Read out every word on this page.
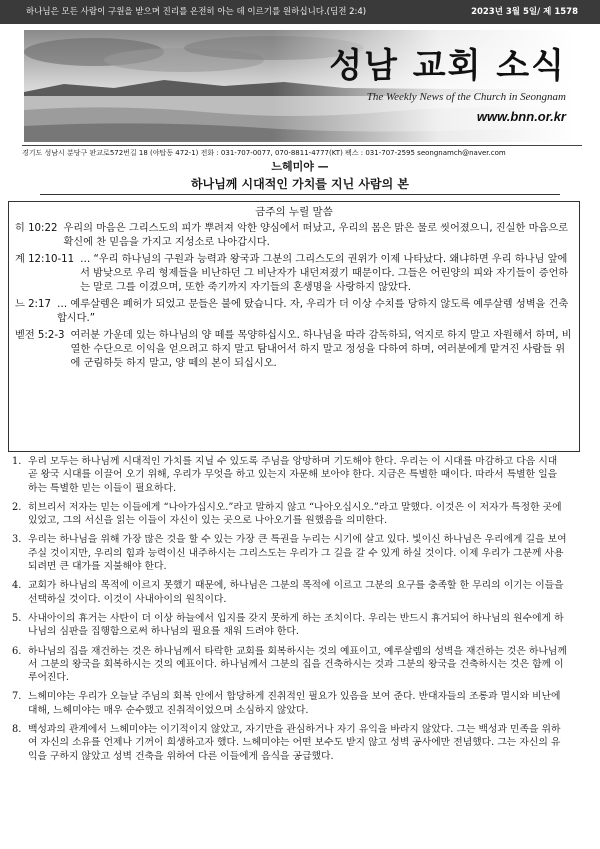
하나님은 모든 사람이 구원을 받으며 진리를 온전히 아는 데 이르기를 원하십니다.(딤전 2:4)	2023년 3월 5일/ 제 1578
성남 교회 소식
The Weekly News of the Church in Seongnam
www.bnn.or.kr
경기도 성남시 분당구 판교로572번길 18 (야탑동 472-1) 전화 : 031-707-0077, 070-8811-4777(KT) 팩스 : 031-707-2595 seongnamch@naver.com
느헤미야 —
하나님께 시대적인 가치를 지닌 사람의 본
금주의 누릴 말씀
히 10:22 우리의 마음은 그리스도의 피가 뿌려져 악한 양심에서 떠났고, 우리의 몸은 맑은 물로 씻어졌으니, 진실한 마음으로 확신에 찬 믿음을 가지고 지성소로 나아갑시다.
계 12:10-11 … “우리 하나님의 구원과 능력과 왕국과 그분의 그리스도의 권위가 이제 나타났다. 왜냐하면 우리 하나님 앞에서 밤낮으로 우리 형제들을 비난하던 그 비난자가 내던져졌기 때문이다. 그들은 어린양의 피와 자기들이 증언하는 말로 그를 이겼으며, 또한 죽기까지 자기들의 혼생명을 사랑하지 않았다.
느 2:17 … 예루살렘은 폐허가 되었고 문들은 불에 탔습니다. 자, 우리가 더 이상 수치를 당하지 않도록 예루살렘 성벽을 건축합시다.”
벧전 5:2-3 여러분 가운데 있는 하나님의 양 떼를 목양하십시오. 하나님을 따라 감독하되, 억지로 하지 말고 자원해서 하며, 비열한 수단으로 이익을 얻으려고 하지 말고 탐내어서 하지 말고 정성을 다하여 하며, 여러분에게 맡겨진 사람들 위에 군림하듯 하지 말고, 양 떼의 본이 되십시오.
1. 우리 모두는 하나님께 시대적인 가치를 지닐 수 있도록 주님을 앙망하며 기도해야 한다. 우리는 이 시대를 마감하고 다음 시대 곧 왕국 시대를 이끌어 오기 위해, 우리가 무엇을 하고 있는지 자문해 보아야 한다. 지금은 특별한 때이다. 따라서 특별한 일을 하는 특별한 믿는 이들이 필요하다.
2. 히브리서 저자는 믿는 이들에게 “나아가십시오.”라고 말하지 않고 “나아오십시오.”라고 말했다. 이것은 이 저자가 특정한 곳에 있었고, 그의 서신을 읽는 이들이 자신이 있는 곳으로 나아오기를 원했음을 의미한다.
3. 우리는 하나님을 위해 가장 많은 것을 할 수 있는 가장 큰 특권을 누리는 시기에 살고 있다. 빛이신 하나님은 우리에게 길을 보여 주실 것이지만, 우리의 힘과 능력이신 내주하시는 그리스도는 우리가 그 길을 갈 수 있게 하실 것이다. 이제 우리가 그분께 사용되려면 큰 대가를 지불해야 한다.
4. 교회가 하나님의 목적에 이르지 못했기 때문에, 하나님은 그분의 목적에 이르고 그분의 요구를 충족할 한 무리의 이기는 이들을 선택하실 것이다. 이것이 사내아이의 원칙이다.
5. 사내아이의 휴거는 사탄이 더 이상 하늘에서 입지를 갖지 못하게 하는 조치이다. 우리는 반드시 휴거되어 하나님의 원수에게 하나님의 심판을 집행함으로써 하나님의 필요를 채워 드려야 한다.
6. 하나님의 집을 재건하는 것은 하나님께서 타락한 교회를 회복하시는 것의 예표이고, 예루살렘의 성벽을 재건하는 것은 하나님께서 그분의 왕국을 회복하시는 것의 예표이다. 하나님께서 그분의 집을 건축하시는 것과 그분의 왕국을 건축하시는 것은 함께 이루어진다.
7. 느헤미야는 우리가 오늘날 주님의 회복 안에서 합당하게 진취적인 필요가 있음을 보여 준다. 반대자들의 조롱과 멸시와 비난에 대해, 느헤미야는 매우 순수했고 진취적이었으며 소심하지 않았다.
8. 백성과의 관계에서 느헤미야는 이기적이지 않았고, 자기만을 관심하거나 자기 유익을 바라지 않았다. 그는 백성과 민족을 위하여 자신의 소유를 언제나 기꺼이 희생하고자 했다. 느헤미야는 어떤 보수도 받지 않고 성벽 공사에만 전념했다. 그는 자신의 유익을 구하지 않았고 성벽 건축을 위하여 다른 이들에게 음식을 공급했다.
